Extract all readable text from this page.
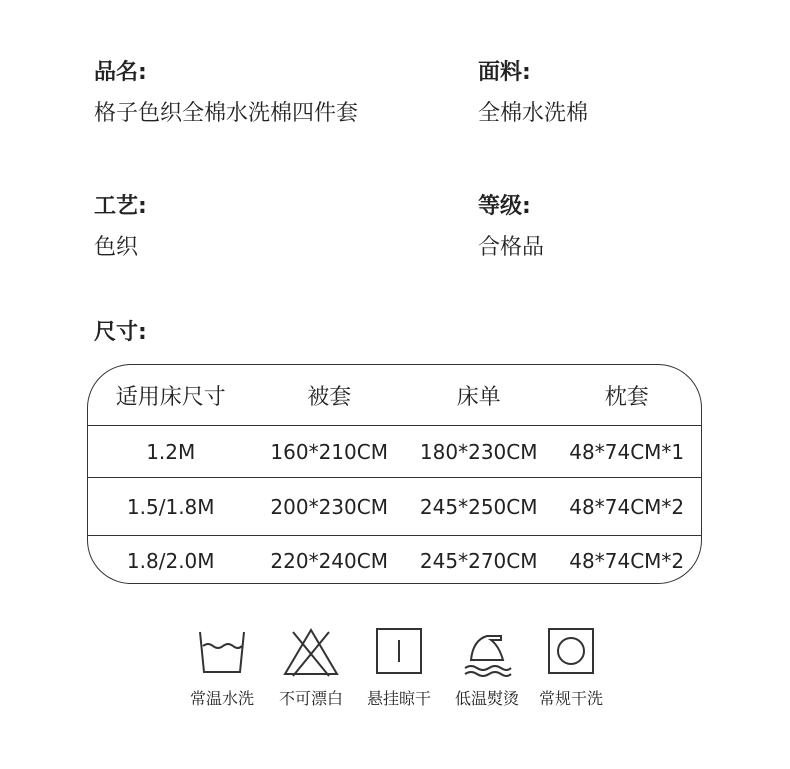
品名:
格子色织全棉水洗棉四件套
面料:
全棉水洗棉
工艺:
色织
等级:
合格品
尺寸:
适用床尺寸	被套	床单	枕套
1.2M	160*210CM	180*230CM	48*74CM*1
1.5/1.8M	200*230CM	245*250CM	48*74CM*2
1.8/2.0M	220*240CM	245*270CM	48*74CM*2
常温水洗	不可漂白	悬挂晾干	低温熨烫	常规干洗
